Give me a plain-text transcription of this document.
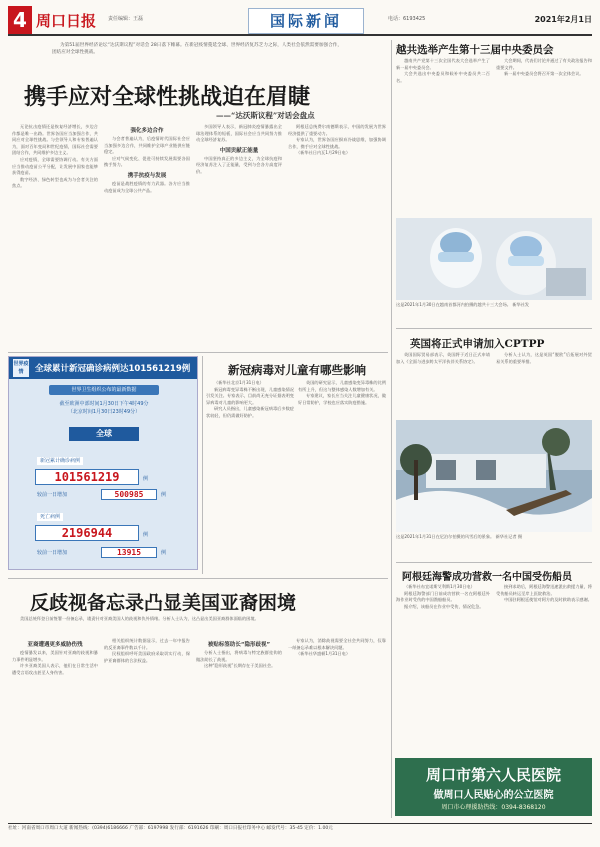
4 周口日报 责任编辑：王磊	国际新闻	电话：6193425	2021年2月1日

为第51届世界经济论坛“达沃斯议程”对话会 28日落下帷幕。在新冠疫情蔓延全球、世界经济复苏乏力之际，人类社会依然需要加强合作，团结应对全球性挑战。

携手应对全球性挑战迫在眉睫
——“达沃斯议程”对话会盘点

无论抗击疫情还是恢复经济增长，多边合作都是唯一出路。世界各国应当加强合作，共同应对全球性挑战。与会领导人和专家普遍认为，面对百年变局和世纪疫情，国际社会需要团结合作，共同维护多边主义。

应对疫情，全球需要协调行动。有关方面应当推动疫苗公平分配，让发展中国家也能够获得疫苗。

数字经济、绿色转型也成为与会者关注的焦点。

强化多边合作

与会者普遍认为，后疫情时代国际社会应当加强多边合作，共同维护全球产业链供应链稳定。

应对气候变化、促进可持续发展需要各国携手努力。

携手抗疫与发展

疫苗是战胜疫情的有力武器。各方应当推动疫苗成为全球公共产品。

多国领导人表示，新冠肺炎疫情暴露出全球治理体系的短板，国际社会应当共同努力推动全球经济复苏。

中国贡献正能量

中国坚持真正的多边主义，为全球抗疫和经济复苏注入了正能量，受到与会各方高度评价。

阿根廷总统费尔南德斯表示，中国的发展为世界经济提供了重要动力。

专家认为，世界各国应摒弃冷战思维，加强协调合作，携手应对全球性挑战。

（新华社日内瓦1月29日电）

世界疫情	全球累计新冠确诊病例达101561219例
世界卫生组织公布的最新数据
截至欧洲中部时间1月30日下午4时49分
（北京时间1月30日23时49分）
全球
新冠累计确诊病例
101561219	例
较前一日增加	500985	例
死亡病例
2196944	例
较前一日增加	13915	例
新冠病毒对儿童有哪些影响

（新华社北京1月31日电）

新冠病毒变异毒株不断出现，儿童感染情况引发关注。专家表示，目前尚无充分证据表明变异病毒对儿童的影响更大。

研究人员指出，儿童感染新冠病毒后多数症状较轻，但仍需做好防护。

英国的研究显示，儿童感染变异毒株的比例有所上升，但这与整体感染人数增加有关。

专家建议，家长应当关注儿童健康状况，做好日常防护，学校也应落实防疫措施。

反歧视备忘录凸显美国亚裔困境

美国总统拜登日前签署一份备忘录，谴责针对亚裔美国人的歧视和仇外情绪。分析人士认为，这凸显出美国亚裔群体面临的困境。

亚裔遭遇更多威胁伤残

疫情暴发以来，美国针对亚裔的歧视和暴力事件明显增多。

许多亚裔美国人表示，他们在日常生活中遭受言语攻击甚至人身伤害。

相关组织统计数据显示，过去一年中报告的反亚裔事件数以千计。

民权组织呼吁美国政府采取切实行动，保护亚裔群体的合法权益。

被贴标签助长“隐形歧视”

分析人士指出，将病毒与特定族群挂钩的做法助长了歧视。

这种“隐形歧视”长期存在于美国社会。

专家认为，消除歧视需要全社会共同努力，仅靠一纸备忘录难以根本解决问题。

（新华社华盛顿1月31日电）

越共选举产生第十三届中央委员会

越南共产党第十三次全国代表大会选举产生了新一届中央委员会。

大会共选出中央委员和候补中央委员共二百名。

大会期间，代表们讨论并通过了有关政治报告和重要文件。

新一届中央委员会将召开第一次全体会议。

这是2021年1月30日在越南首都河内拍摄的越共十三大会场。 新华社发
英国将正式申请加入CPTPP

英国国际贸易部表示，英国将于近日正式申请加入《全面与进步跨太平洋伙伴关系协定》。

分析人士认为，这是英国“脱欧”后拓展对外贸易关系的重要举措。

这是2021年1月31日在尼泊尔拍摄的风雪后的景象。 新华社记者 摄
阿根廷海警成功营救一名中国受伤船员

（新华社布宜诺斯艾利斯1月30日电）

阿根廷海警部门日前成功营救一名在阿根廷外海作业时受伤的中国渔船船员。

据介绍，该船员在作业中受伤，情况危急。

接到求助后，阿根廷海警迅速派出救援力量，将受伤船员转运至岸上医院救治。

中国驻阿根廷使馆对阿方的及时救助表示感谢。

周口市第六人民医院
做周口人民贴心的公立医院
周口市心理援助热线：0394-8368120
社址：河南省周口市周口大道 新闻热线：(0394)6186666 广告部：6197998 发行部：6191626 印刷：周口日报社印务中心 邮发代号：35-45 定价：1.00元
